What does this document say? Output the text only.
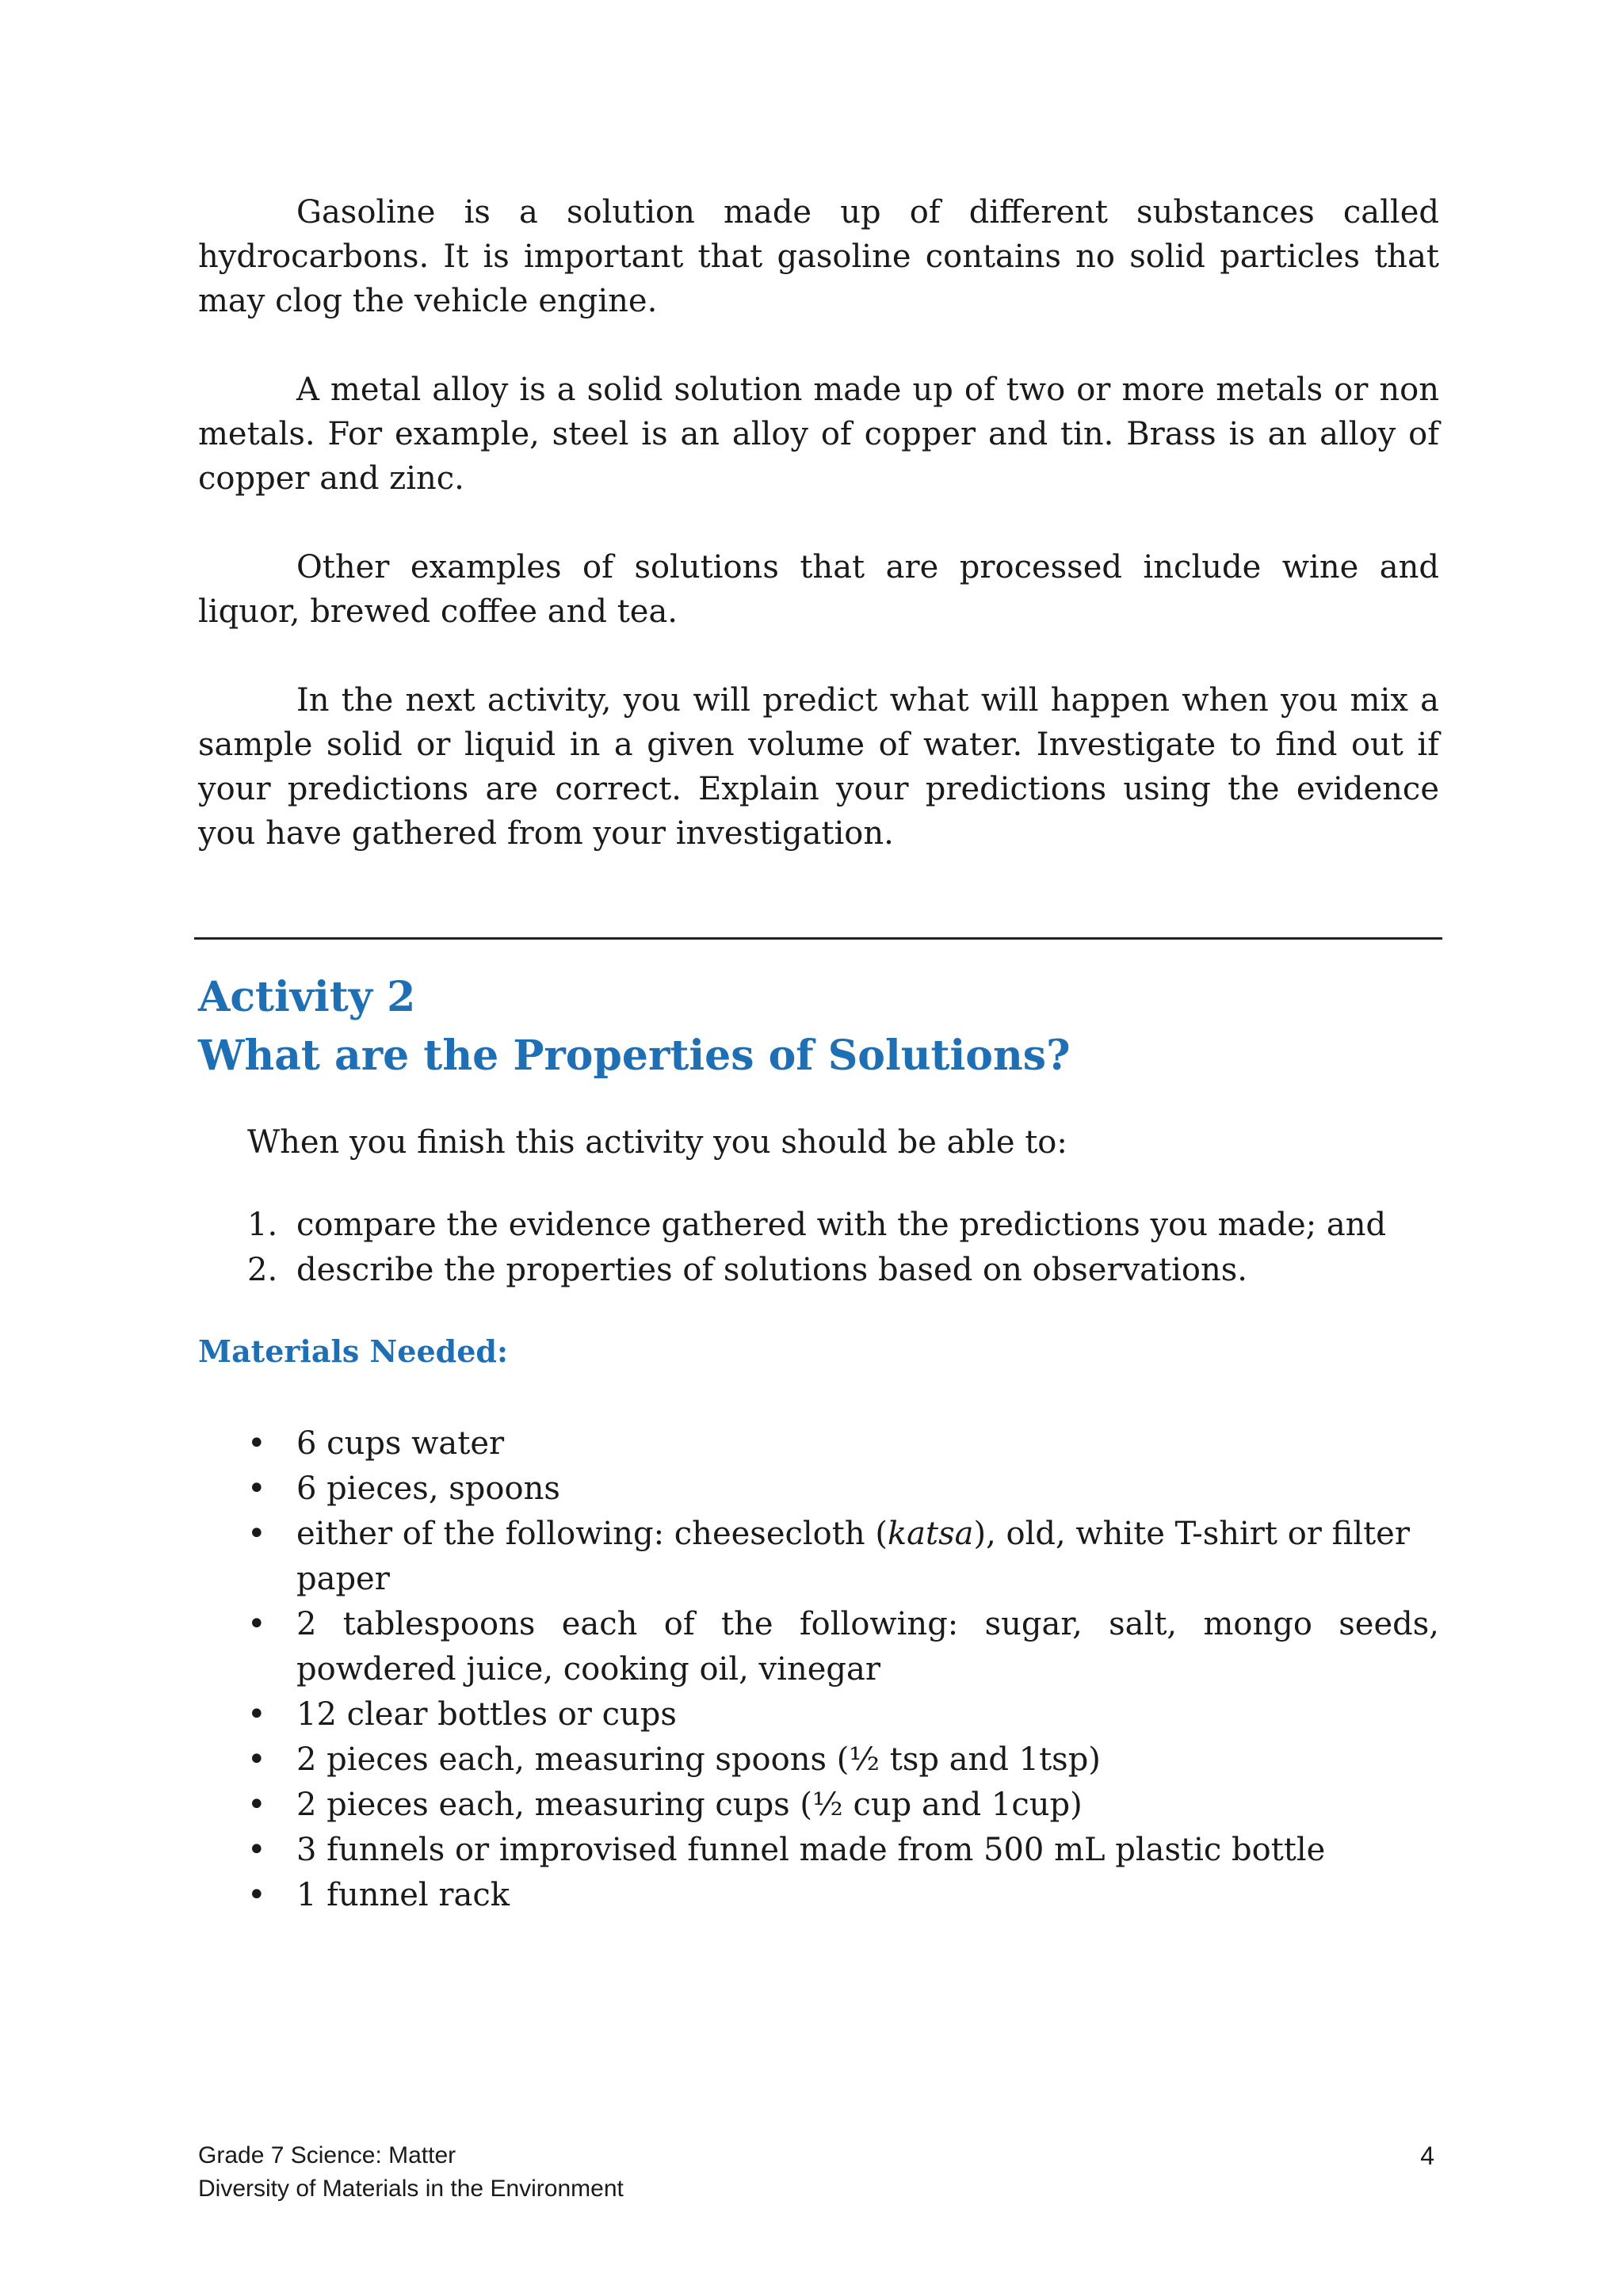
Gasoline is a solution made up of different substances called hydrocarbons. It is important that gasoline contains no solid particles that may clog the vehicle engine.

A metal alloy is a solid solution made up of two or more metals or non metals. For example, steel is an alloy of copper and tin. Brass is an alloy of copper and zinc.

Other examples of solutions that are processed include wine and liquor, brewed coffee and tea.

In the next activity, you will predict what will happen when you mix a sample solid or liquid in a given volume of water. Investigate to find out if your predictions are correct. Explain your predictions using the evidence you have gathered from your investigation.

Activity 2
What are the Properties of Solutions?

When you finish this activity you should be able to:

1. compare the evidence gathered with the predictions you made; and
2. describe the properties of solutions based on observations.
Materials Needed:
• 6 cups water
• 6 pieces, spoons
• either of the following: cheesecloth (katsa), old, white T-shirt or filter paper
• 2 tablespoons each of the following: sugar, salt, mongo seeds, powdered juice, cooking oil, vinegar
• 12 clear bottles or cups
• 2 pieces each, measuring spoons (½ tsp and 1tsp)
• 2 pieces each, measuring cups (½ cup and 1cup)
• 3 funnels or improvised funnel made from 500 mL plastic bottle
• 1 funnel rack
Grade 7 Science: Matter
Diversity of Materials in the Environment
4
